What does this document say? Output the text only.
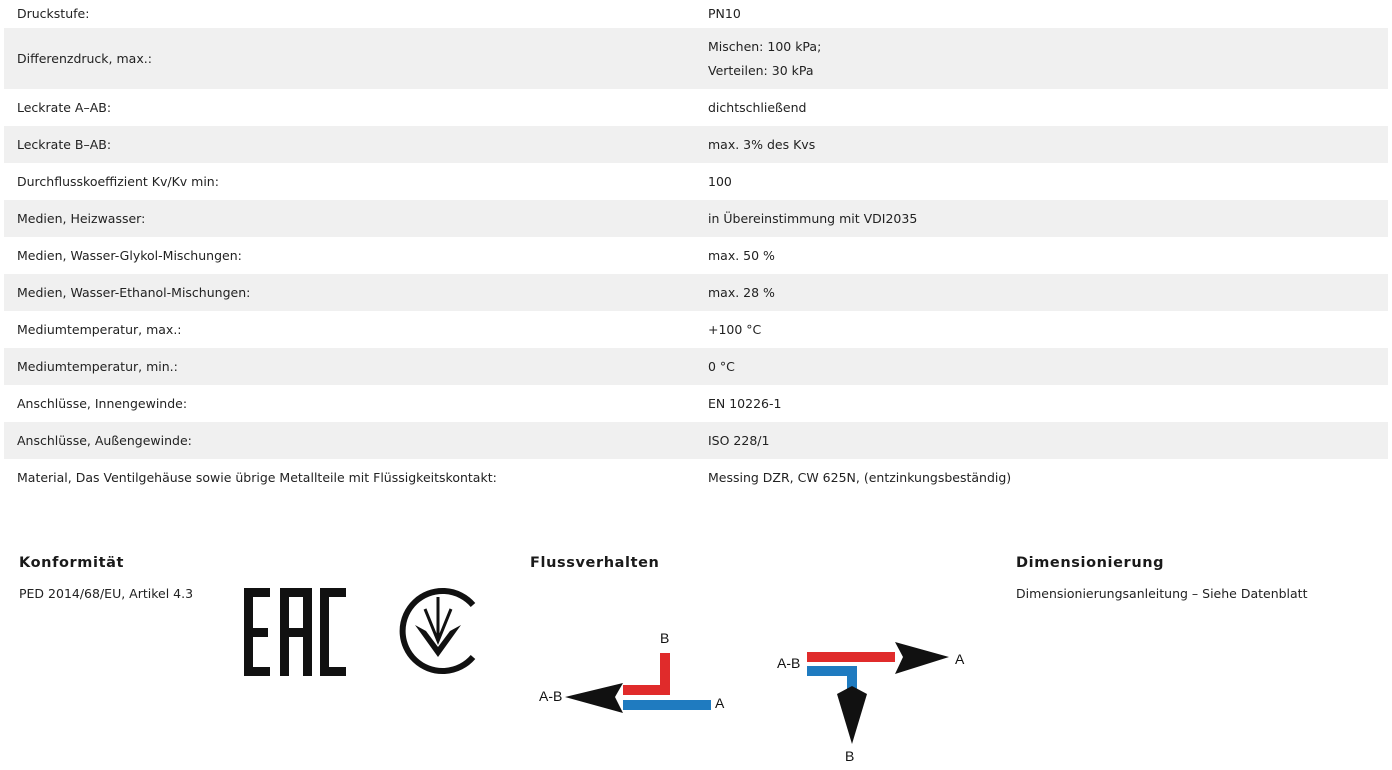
Druckstufe:	PN10
Differenzdruck, max.:
Mischen: 100 kPa;
Verteilen: 30 kPa
Leckrate A–AB:	dichtschließend
Leckrate B–AB:	max. 3% des Kvs
Durchflusskoeffizient Kv/Kv min:	100
Medien, Heizwasser:	in Übereinstimmung mit VDI2035
Medien, Wasser-Glykol-Mischungen:	max. 50 %
Medien, Wasser-Ethanol-Mischungen:	max. 28 %
Mediumtemperatur, max.:	+100 °C
Mediumtemperatur, min.:	0 °C
Anschlüsse, Innengewinde:	EN 10226-1
Anschlüsse, Außengewinde:	ISO 228/1
Material, Das Ventilgehäuse sowie übrige Metallteile mit Flüssigkeitskontakt:	Messing DZR, CW 625N, (entzinkungsbeständig)
Konformität
PED 2014/68/EU, Artikel 4.3
Flussverhalten
A-B
B
A
A-B	A
B
Dimensionierung
Dimensionierungsanleitung – Siehe Datenblatt
